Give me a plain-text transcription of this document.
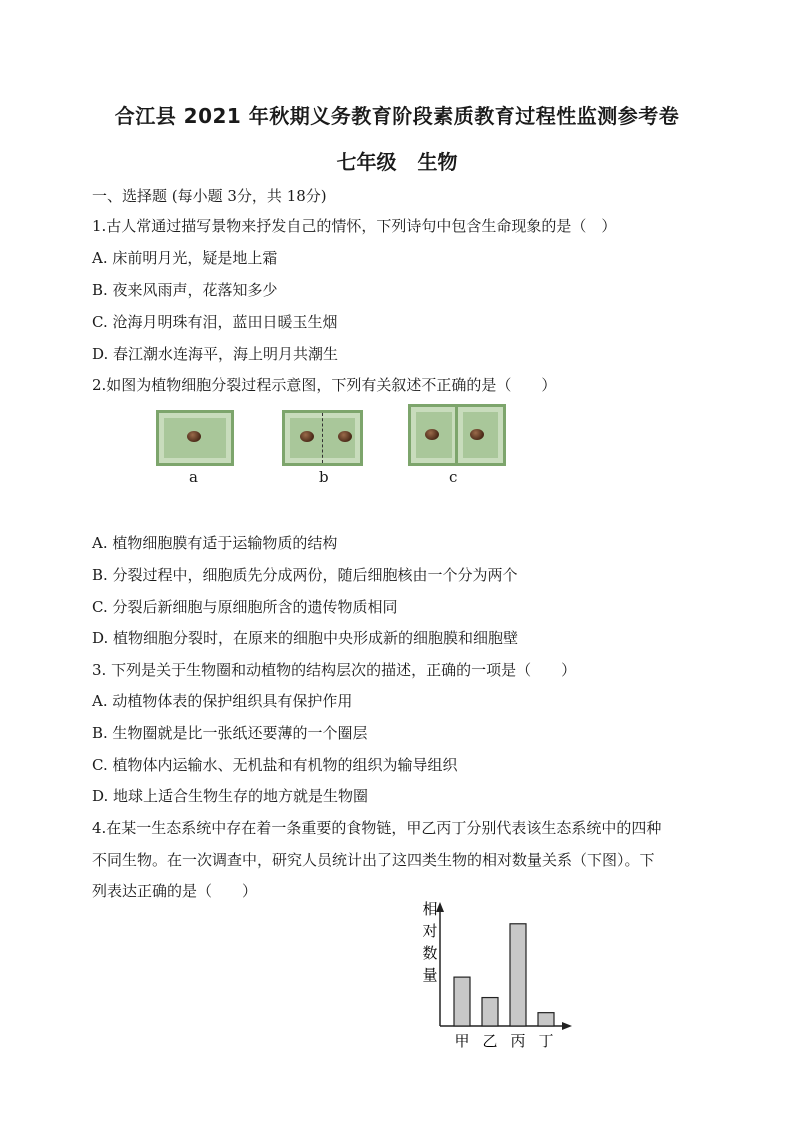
合江县 2021 年秋期义务教育阶段素质教育过程性监测参考卷
七年级 生物
一、选择题 (每小题 3分，共 18分)
1.古人常通过描写景物来抒发自己的情怀，下列诗句中包含生命现象的是（　）
A. 床前明月光，疑是地上霜
B. 夜来风雨声，花落知多少
C. 沧海月明珠有泪，蓝田日暖玉生烟
D. 春江潮水连海平，海上明月共潮生
2.如图为植物细胞分裂过程示意图，下列有关叙述不正确的是（　　）
a	b	c
A. 植物细胞膜有适于运输物质的结构
B. 分裂过程中，细胞质先分成两份，随后细胞核由一个分为两个
C. 分裂后新细胞与原细胞所含的遗传物质相同
D. 植物细胞分裂时，在原来的细胞中央形成新的细胞膜和细胞壁
3. 下列是关于生物圈和动植物的结构层次的描述，正确的一项是（　　）
A. 动植物体表的保护组织具有保护作用
B. 生物圈就是比一张纸还要薄的一个圈层
C. 植物体内运输水、无机盐和有机物的组织为输导组织
D. 地球上适合生物生存的地方就是生物圈
4.在某一生态系统中存在着一条重要的食物链，甲乙丙丁分别代表该生态系统中的四种
不同生物。在一次调查中，研究人员统计出了这四类生物的相对数量关系（下图）。下
列表达正确的是（　　）
相
对
数
量
甲 乙 丙 丁
